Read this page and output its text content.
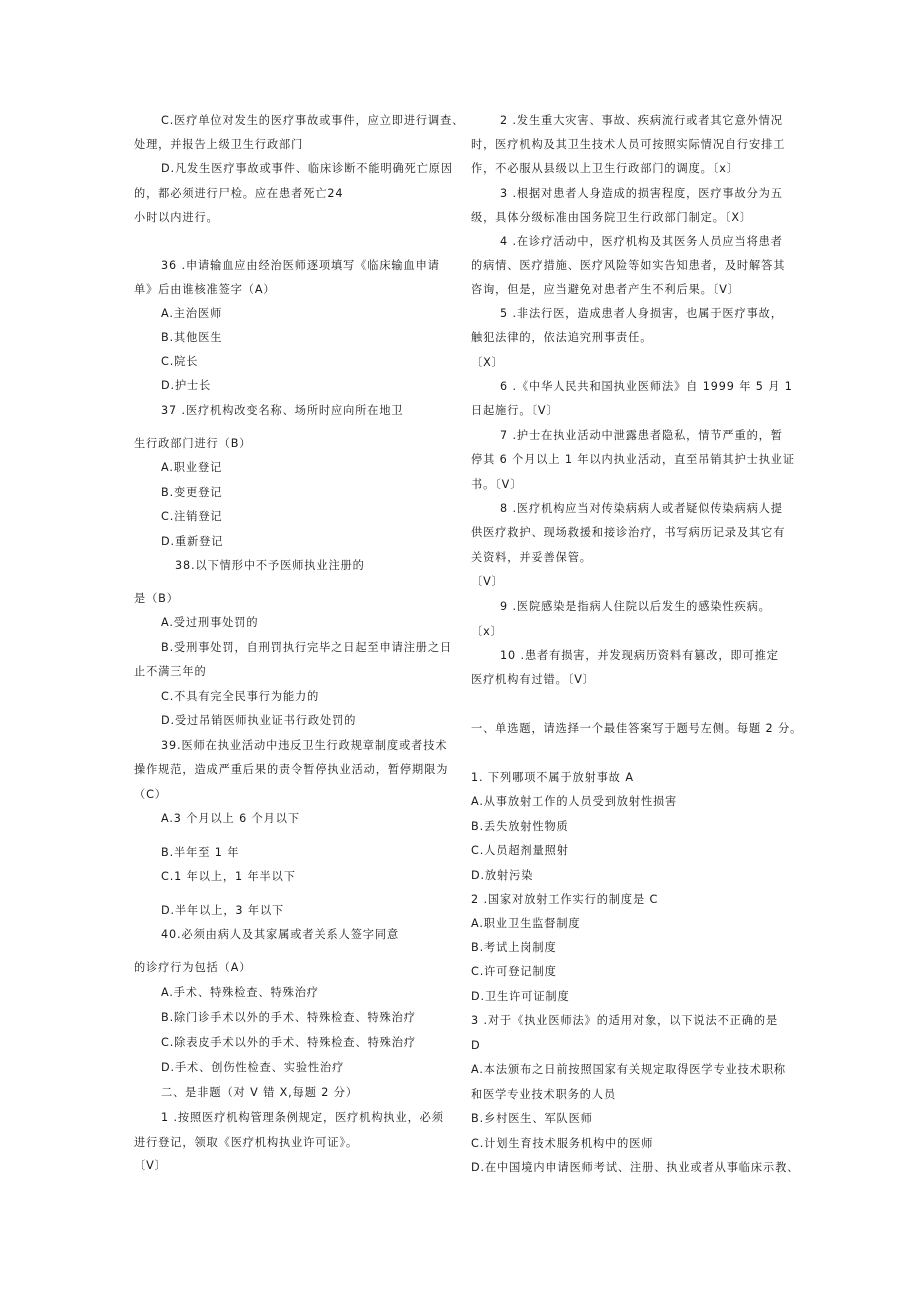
C.医疗单位对发生的医疗事故或事件，应立即进行调查、
处理，并报告上级卫生行政部门
D.凡发生医疗事故或事件、临床诊断不能明确死亡原因
的，都必须进行尸检。应在患者死亡24
小时以内进行。
36 .申请输血应由经治医师逐项填写《临床输血申请
单》后由谁核准签字（A）
A.主治医师
B.其他医生
C.院长
D.护士长
37 .医疗机构改变名称、场所时应向所在地卫
生行政部门进行（B）
A.职业登记
B.变更登记
C.注销登记
D.重新登记
38.以下情形中不予医师执业注册的
是（B）
A.受过刑事处罚的
B.受刑事处罚，自刑罚执行完毕之日起至申请注册之日
止不满三年的
C.不具有完全民事行为能力的
D.受过吊销医师执业证书行政处罚的
39.医师在执业活动中违反卫生行政规章制度或者技术
操作规范，造成严重后果的责令暂停执业活动，暂停期限为
（C）
A.3 个月以上 6 个月以下
B.半年至 1 年
C.1 年以上，1 年半以下
D.半年以上，3 年以下
40.必须由病人及其家属或者关系人签字同意
的诊疗行为包括（A）
A.手术、特殊检查、特殊治疗
B.除门诊手术以外的手术、特殊检查、特殊治疗
C.除表皮手术以外的手术、特殊检查、特殊治疗
D.手术、创伤性检查、实验性治疗
二、是非题（对 V 错 X,每题 2 分）
1 .按照医疗机构管理条例规定，医疗机构执业，必须
进行登记，领取《医疗机构执业许可证》。
〔V〕
2 .发生重大灾害、事故、疾病流行或者其它意外情况
时，医疗机构及其卫生技术人员可按照实际情况自行安排工
作，不必服从县级以上卫生行政部门的调度。〔x〕
3 .根据对患者人身造成的损害程度，医疗事故分为五
级，具体分级标准由国务院卫生行政部门制定。〔X〕
4 .在诊疗活动中，医疗机构及其医务人员应当将患者
的病情、医疗措施、医疗风险等如实告知患者，及时解答其
咨询，但是，应当避免对患者产生不利后果。〔V〕
5 .非法行医，造成患者人身损害，也属于医疗事故，
触犯法律的，依法追究刑事责任。
〔X〕
6 .《中华人民共和国执业医师法》自 1999 年 5 月 1
日起施行。〔V〕
7 .护士在执业活动中泄露患者隐私，情节严重的，暂
停其 6 个月以上 1 年以内执业活动，直至吊销其护士执业证
书。〔V〕
8 .医疗机构应当对传染病病人或者疑似传染病病人提
供医疗救护、现场救援和接诊治疗，书写病历记录及其它有
关资料，并妥善保管。
〔V〕
9 .医院感染是指病人住院以后发生的感染性疾病。
〔x〕
10 .患者有损害，并发现病历资料有篡改，即可推定
医疗机构有过错。〔V〕
一、单选题，请选择一个最佳答案写于题号左侧。每题 2 分。
1. 下列哪项不属于放射事故 A
A.从事放射工作的人员受到放射性损害
B.丢失放射性物质
C.人员超剂量照射
D.放射污染
2 .国家对放射工作实行的制度是 C
A.职业卫生监督制度
B.考试上岗制度
C.许可登记制度
D.卫生许可证制度
3 .对于《执业医师法》的适用对象，以下说法不正确的是
D
A.本法颁布之日前按照国家有关规定取得医学专业技术职称
和医学专业技术职务的人员
B.乡村医生、军队医师
C.计划生育技术服务机构中的医师
D.在中国境内申请医师考试、注册、执业或者从事临床示教、
